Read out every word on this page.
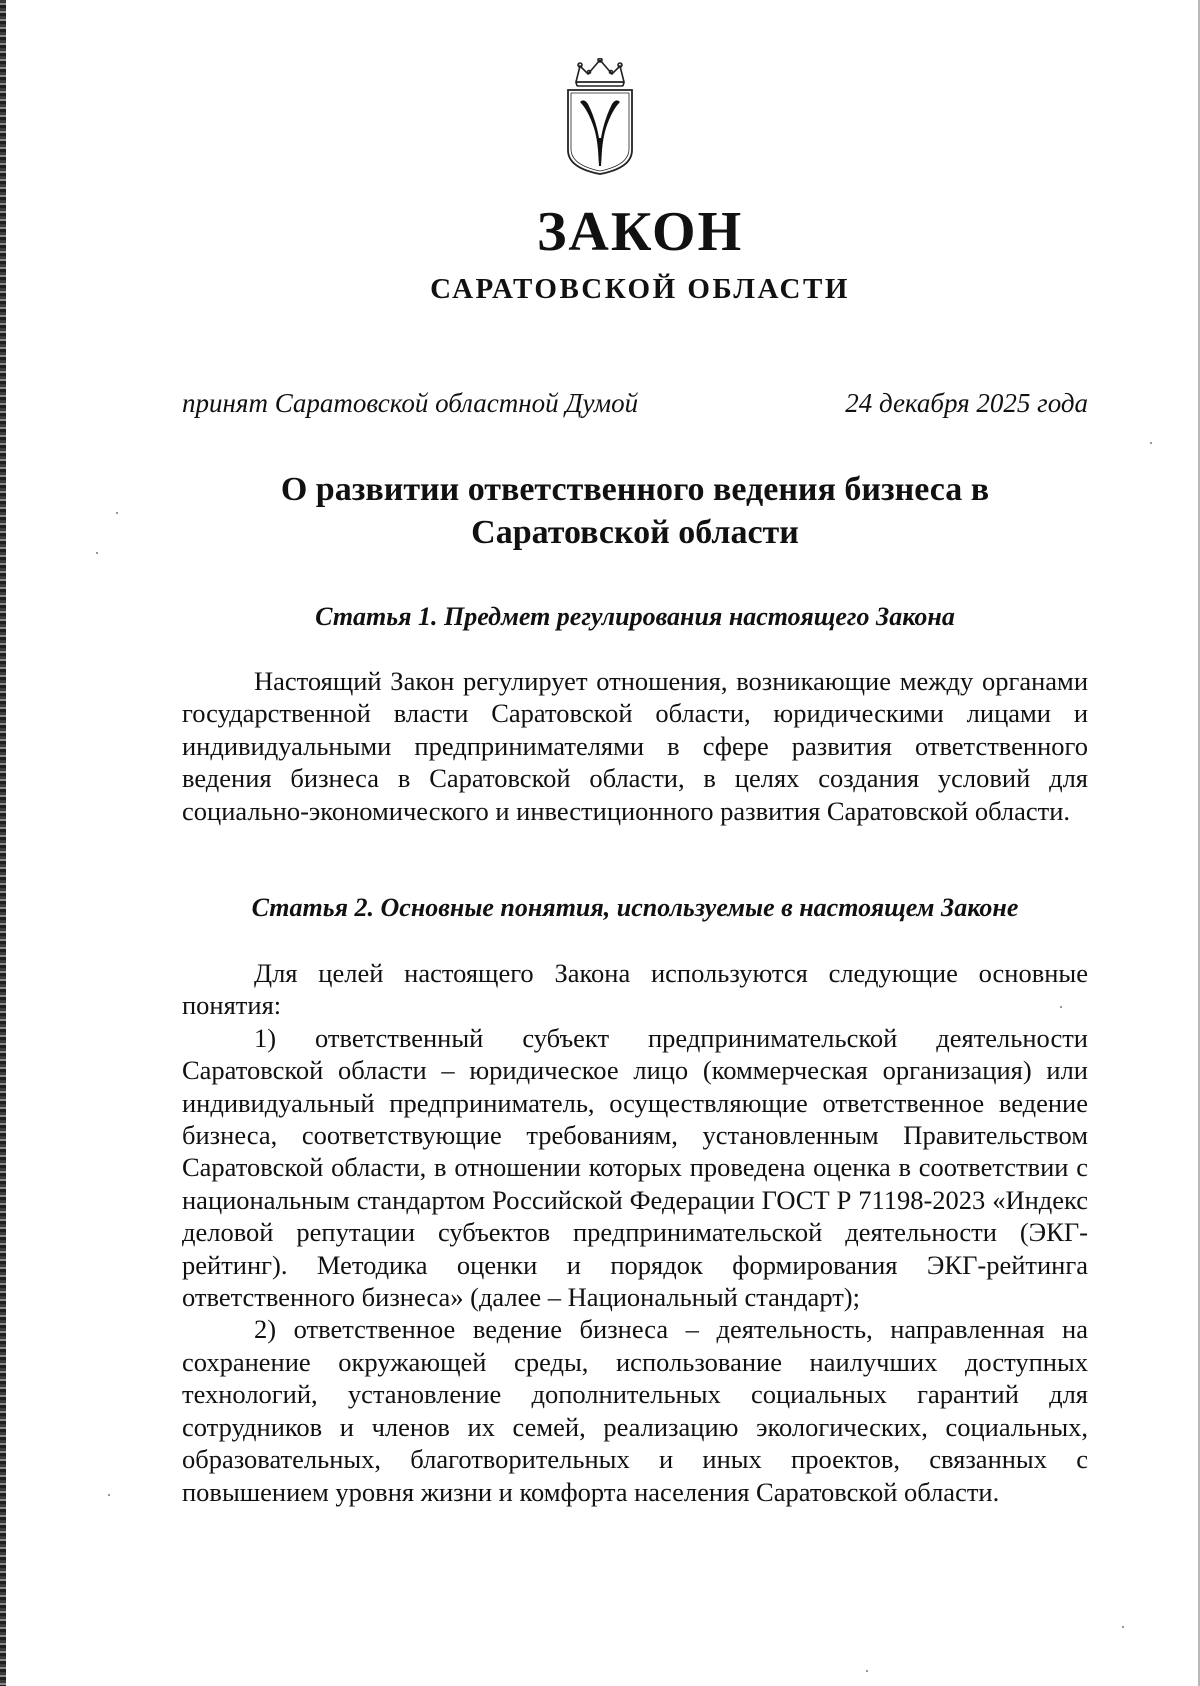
ЗАКОН
САРАТОВСКОЙ ОБЛАСТИ
принят Саратовской областной Думой	24 декабря 2025 года
О развитии ответственного ведения бизнеса в Саратовской области
Статья 1. Предмет регулирования настоящего Закона

Настоящий Закон регулирует отношения, возникающие между органами государственной власти Саратовской области, юридическими лицами и индивидуальными предпринимателями в сфере развития ответственного ведения бизнеса в Саратовской области, в целях создания условий для социально-экономического и инвестиционного развития Саратовской области.

Статья 2. Основные понятия, используемые в настоящем Законе

Для целей настоящего Закона используются следующие основные понятия:

1) ответственный субъект предпринимательской деятельности Саратовской области – юридическое лицо (коммерческая организация) или индивидуальный предприниматель, осуществляющие ответственное ведение бизнеса, соответствующие требованиям, установленным Правительством Саратовской области, в отношении которых проведена оценка в соответствии с национальным стандартом Российской Федерации ГОСТ Р 71198-2023 «Индекс деловой репутации субъектов предпринимательской деятельности (ЭКГ-рейтинг). Методика оценки и порядок формирования ЭКГ-рейтинга ответственного бизнеса» (далее – Национальный стандарт);

2) ответственное ведение бизнеса – деятельность, направленная на сохранение окружающей среды, использование наилучших доступных технологий, установление дополнительных социальных гарантий для сотрудников и членов их семей, реализацию экологических, социальных, образовательных, благотворительных и иных проектов, связанных с повышением уровня жизни и комфорта населения Саратовской области.
